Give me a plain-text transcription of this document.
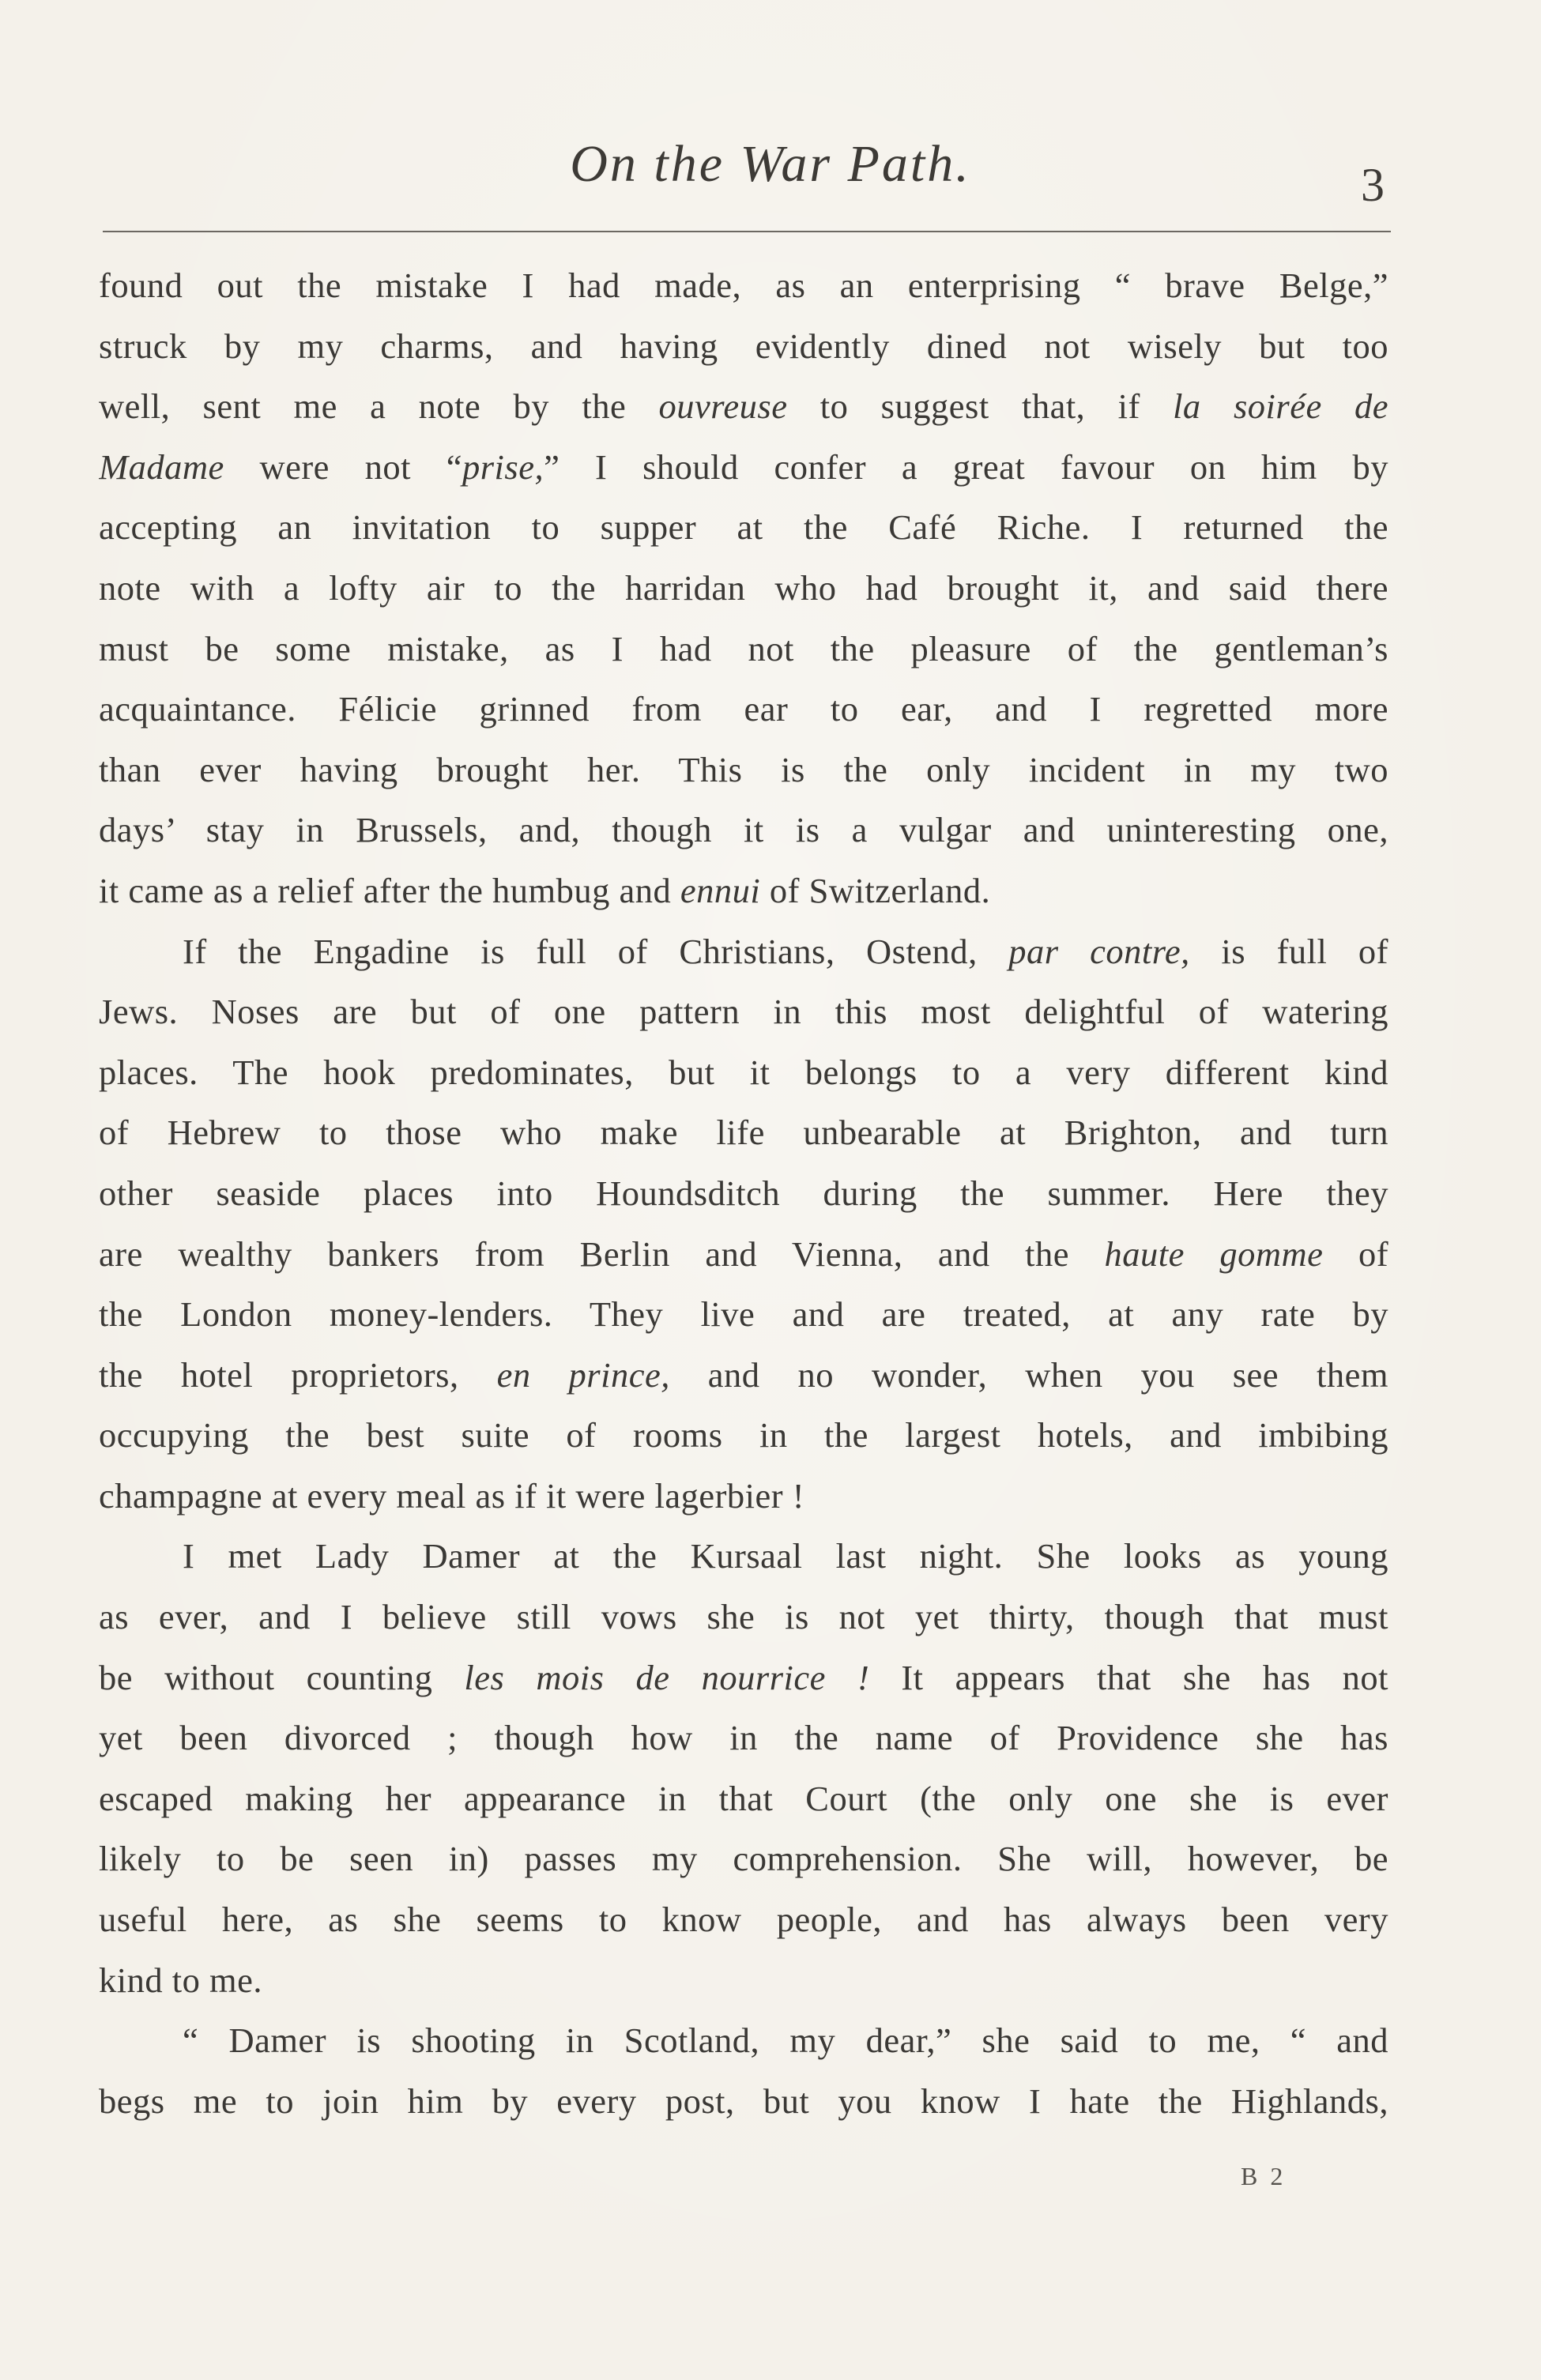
On the War Path.	3
found out the mistake I had made, as an enterprising “ brave Belge,”
struck by my charms, and having evidently dined not wisely but too
well, sent me a note by the ouvreuse to suggest that, if la soirée de
Madame were not “prise,” I should confer a great favour on him by
accepting an invitation to supper at the Café Riche. I returned the
note with a lofty air to the harridan who had brought it, and said there
must be some mistake, as I had not the pleasure of the gentleman’s
acquaintance. Félicie grinned from ear to ear, and I regretted more
than ever having brought her. This is the only incident in my two
days’ stay in Brussels, and, though it is a vulgar and uninteresting one,
it came as a relief after the humbug and ennui of Switzerland.
If the Engadine is full of Christians, Ostend, par contre, is full of
Jews. Noses are but of one pattern in this most delightful of watering
places. The hook predominates, but it belongs to a very different kind
of Hebrew to those who make life unbearable at Brighton, and turn
other seaside places into Houndsditch during the summer. Here they
are wealthy bankers from Berlin and Vienna, and the haute gomme of
the London money-lenders. They live and are treated, at any rate by
the hotel proprietors, en prince, and no wonder, when you see them
occupying the best suite of rooms in the largest hotels, and imbibing
champagne at every meal as if it were lagerbier !
I met Lady Damer at the Kursaal last night. She looks as young
as ever, and I believe still vows she is not yet thirty, though that must
be without counting les mois de nourrice ! It appears that she has not
yet been divorced ; though how in the name of Providence she has
escaped making her appearance in that Court (the only one she is ever
likely to be seen in) passes my comprehension. She will, however, be
useful here, as she seems to know people, and has always been very
kind to me.
“ Damer is shooting in Scotland, my dear,” she said to me, “ and
begs me to join him by every post, but you know I hate the Highlands,
B 2
